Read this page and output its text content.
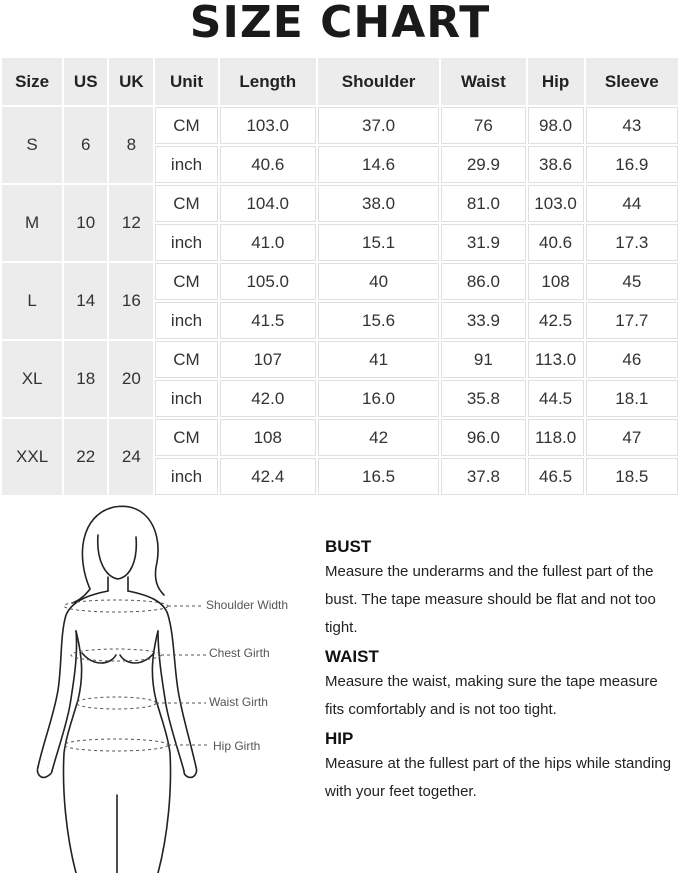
SIZE CHART
Size	US	UK	Unit	Length	Shoulder	Waist	Hip	Sleeve
S	6	8	CM	103.0	37.0	76	98.0	43
			inch	40.6	14.6	29.9	38.6	16.9
M	10	12	CM	104.0	38.0	81.0	103.0	44
			inch	41.0	15.1	31.9	40.6	17.3
L	14	16	CM	105.0	40	86.0	108	45
			inch	41.5	15.6	33.9	42.5	17.7
XL	18	20	CM	107	41	91	113.0	46
			inch	42.0	16.0	35.8	44.5	18.1
XXL	22	24	CM	108	42	96.0	118.0	47
			inch	42.4	16.5	37.8	46.5	18.5
Shoulder Width
Chest Girth
Waist Girth
Hip Girth
BUST

Measure the underarms and the fullest part of the bust. The tape measure should be flat and not too tight.

WAIST

Measure the waist, making sure the tape measure fits comfortably and is not too tight.

HIP

Measure at the fullest part of the hips while standing with your feet together.
